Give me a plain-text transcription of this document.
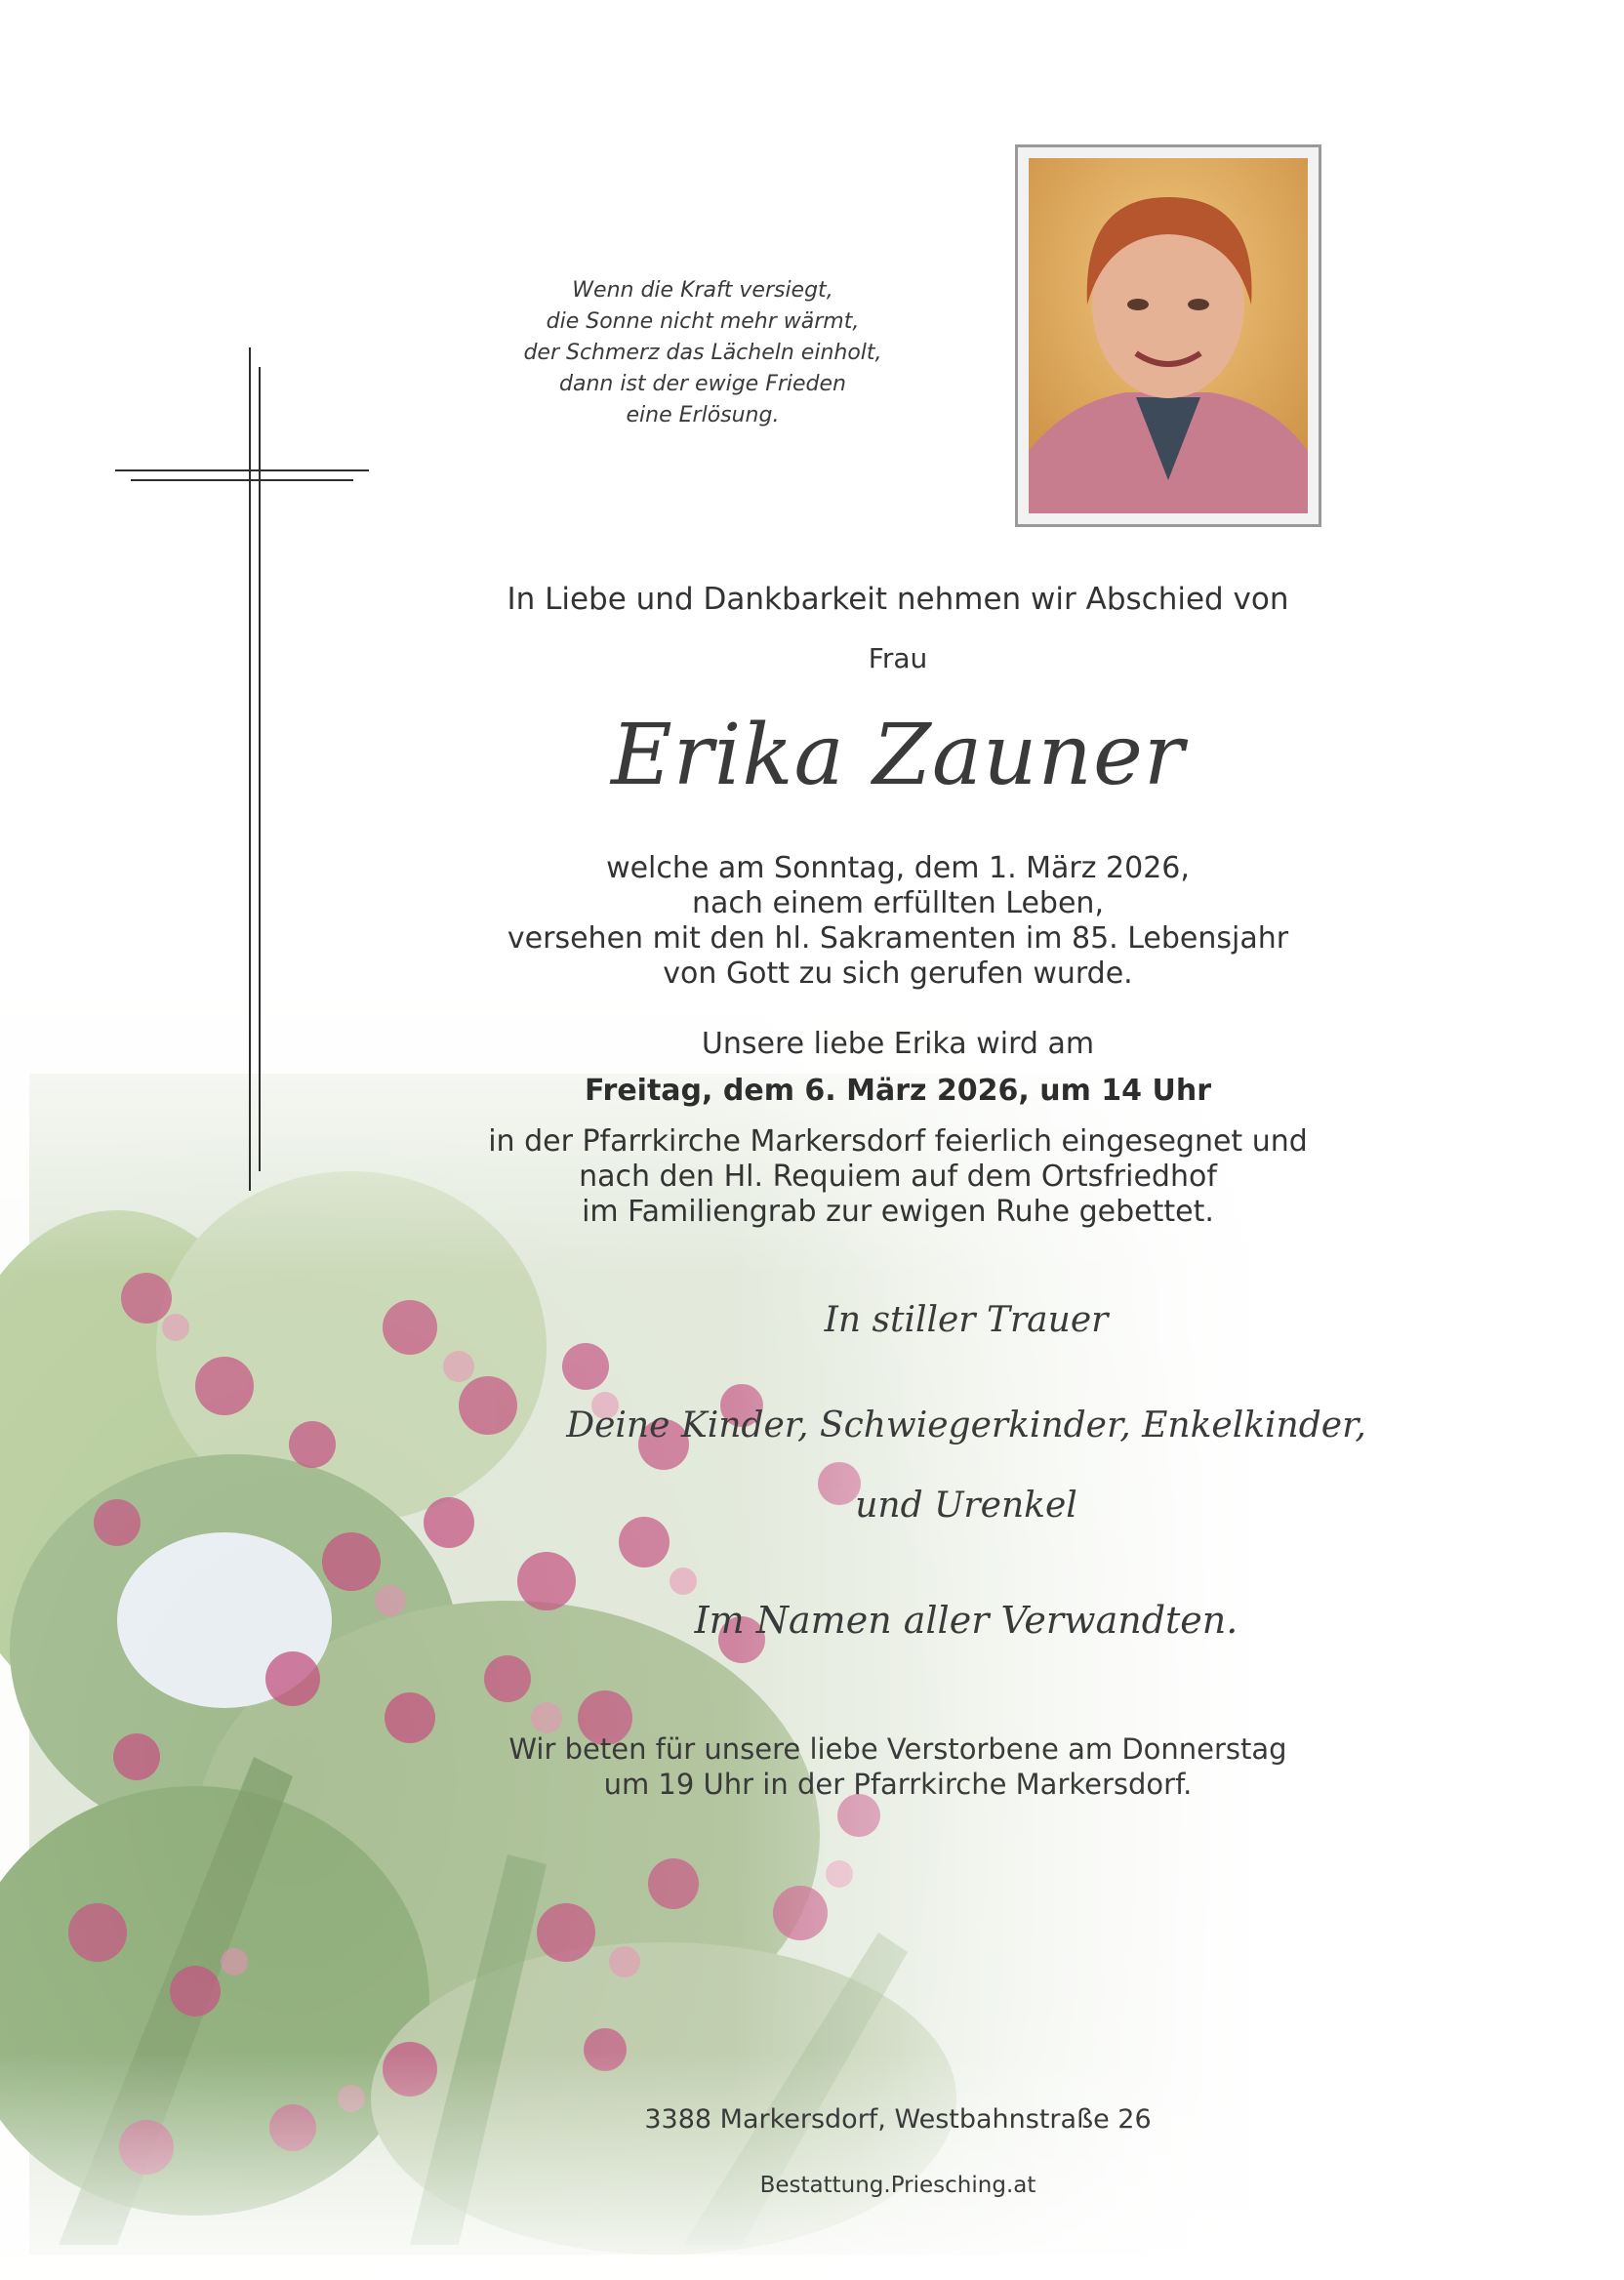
Wenn die Kraft versiegt,
die Sonne nicht mehr wärmt,
der Schmerz das Lächeln einholt,
dann ist der ewige Frieden
eine Erlösung.
In Liebe und Dankbarkeit nehmen wir Abschied von
Frau
Erika Zauner
welche am Sonntag, dem 1. März 2026,
nach einem erfüllten Leben,
versehen mit den hl. Sakramenten im 85. Lebensjahr
von Gott zu sich gerufen wurde.
Unsere liebe Erika wird am
Freitag, dem 6. März 2026, um 14 Uhr
in der Pfarrkirche Markersdorf feierlich eingesegnet und
nach den Hl. Requiem auf dem Ortsfriedhof
im Familiengrab zur ewigen Ruhe gebettet.
In stiller Trauer
Deine Kinder, Schwiegerkinder, Enkelkinder,
und Urenkel
Im Namen aller Verwandten.
Wir beten für unsere liebe Verstorbene am Donnerstag
um 19 Uhr in der Pfarrkirche Markersdorf.
3388 Markersdorf, Westbahnstraße 26
Bestattung.Priesching.at
